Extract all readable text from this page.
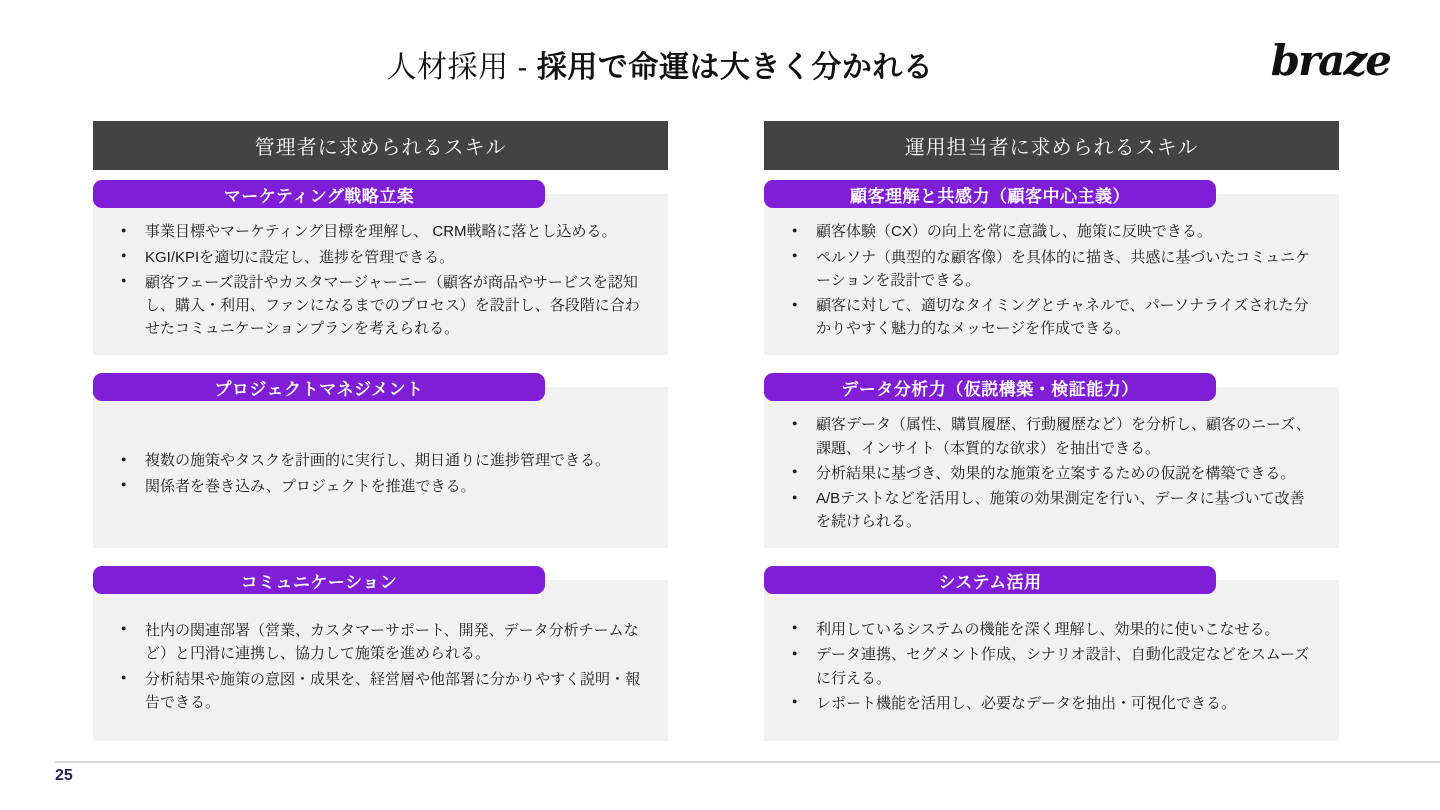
人材採用 - 採用で命運は大きく分かれる	braze
管理者に求められるスキル
マーケティング戦略立案
● 事業目標やマーケティング目標を理解し、 CRM戦略に落とし込める。
● KGI/KPIを適切に設定し、進捗を管理できる。
● 顧客フェーズ設計やカスタマージャーニー（顧客が商品やサービスを認知し、購入・利用、ファンになるまでのプロセス）を設計し、各段階に合わせたコミュニケーションプランを考えられる。
プロジェクトマネジメント
● 複数の施策やタスクを計画的に実行し、期日通りに進捗管理できる。
● 関係者を巻き込み、プロジェクトを推進できる。
コミュニケーション
● 社内の関連部署（営業、カスタマーサポート、開発、データ分析チームなど）と円滑に連携し、協力して施策を進められる。
● 分析結果や施策の意図・成果を、経営層や他部署に分かりやすく説明・報告できる。
運用担当者に求められるスキル
顧客理解と共感力（顧客中心主義）
● 顧客体験（CX）の向上を常に意識し、施策に反映できる。
● ペルソナ（典型的な顧客像）を具体的に描き、共感に基づいたコミュニケーションを設計できる。
● 顧客に対して、適切なタイミングとチャネルで、パーソナライズされた分かりやすく魅力的なメッセージを作成できる。
データ分析力（仮説構築・検証能力）
● 顧客データ（属性、購買履歴、行動履歴など）を分析し、顧客のニーズ、課題、インサイト（本質的な欲求）を抽出できる。
● 分析結果に基づき、効果的な施策を立案するための仮説を構築できる。
● A/Bテストなどを活用し、施策の効果測定を行い、データに基づいて改善を続けられる。
システム活用
● 利用しているシステムの機能を深く理解し、効果的に使いこなせる。
● データ連携、セグメント作成、シナリオ設計、自動化設定などをスムーズに行える。
● レポート機能を活用し、必要なデータを抽出・可視化できる。
25
